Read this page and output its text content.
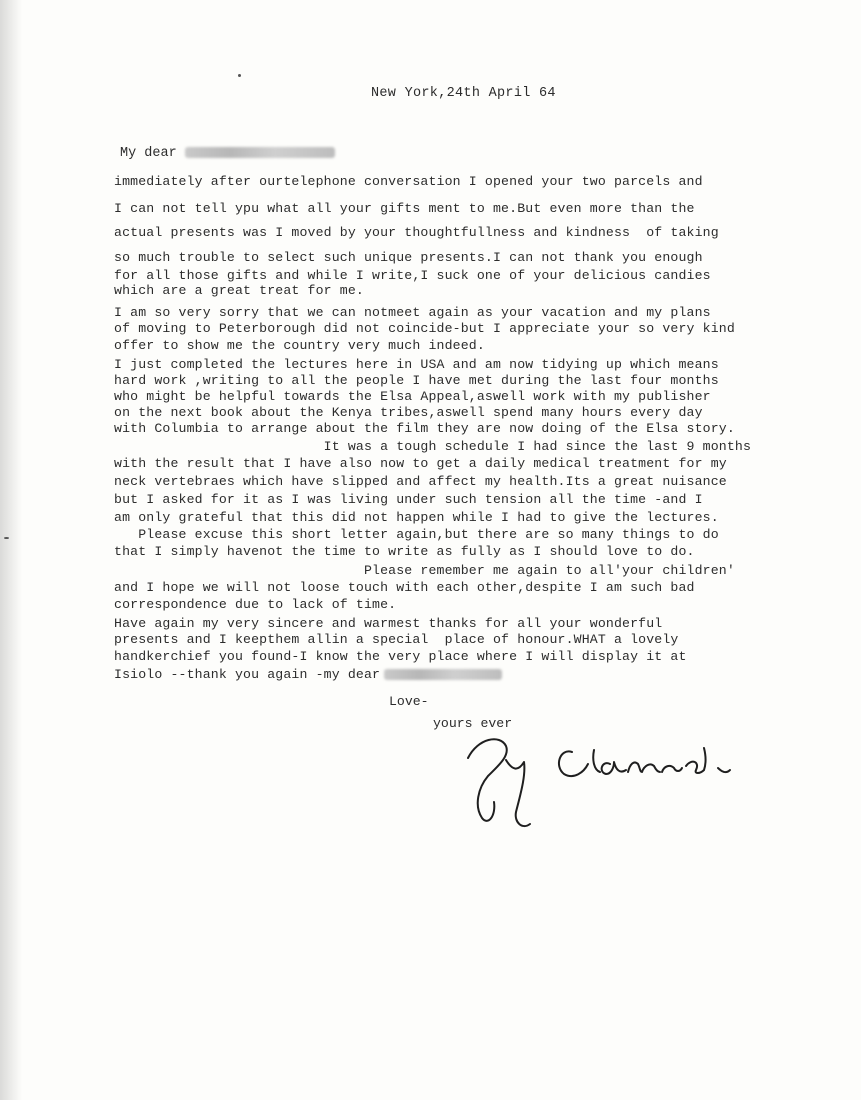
New York,24th April 64
My dear
immediately after ourtelephone conversation I opened your two parcels and
I can not tell ypu what all your gifts ment to me.But even more than the
actual presents was I moved by your thoughtfullness and kindness  of taking
so much trouble to select such unique presents.I can not thank you enough
for all those gifts and while I write,I suck one of your delicious candies
which are a great treat for me.
I am so very sorry that we can notmeet again as your vacation and my plans
of moving to Peterborough did not coincide-but I appreciate your so very kind
offer to show me the country very much indeed.
I just completed the lectures here in USA and am now tidying up which means
hard work ,writing to all the people I have met during the last four months
who might be helpful towards the Elsa Appeal,aswell work with my publisher
on the next book about the Kenya tribes,aswell spend many hours every day
with Columbia to arrange about the film they are now doing of the Elsa story.
It was a tough schedule I had since the last 9 months
with the result that I have also now to get a daily medical treatment for my
neck vertebraes which have slipped and affect my health.Its a great nuisance
but I asked for it as I was living under such tension all the time -and I
am only grateful that this did not happen while I had to give the lectures.
Please excuse this short letter again,but there are so many things to do
that I simply havenot the time to write as fully as I should love to do.
Please remember me again to all'your children'
and I hope we will not loose touch with each other,despite I am such bad
correspondence due to lack of time.
Have again my very sincere and warmest thanks for all your wonderful
presents and I keepthem allin a special  place of honour.WHAT a lovely
handkerchief you found-I know the very place where I will display it at
Isiolo --thank you again -my dear
Love-
yours ever
